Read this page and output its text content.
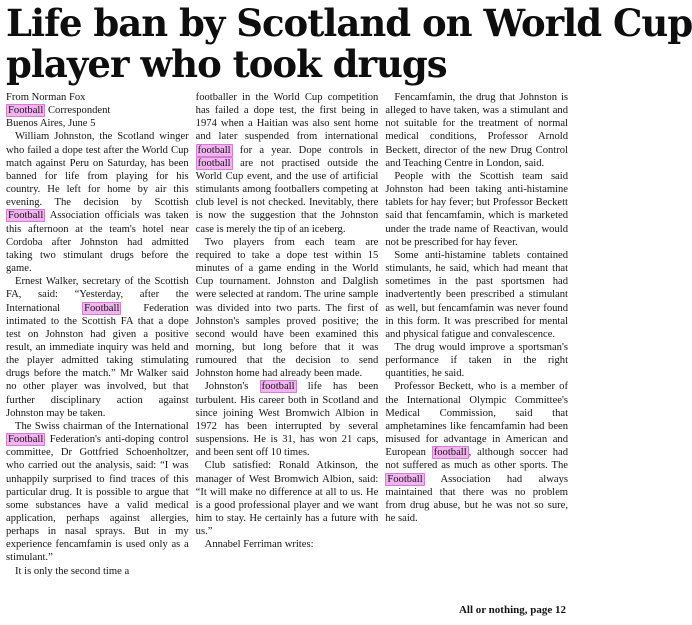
Life ban by Scotland on World Cup
player who took drugs

From Norman Fox
Football Correspondent
Buenos Aires, June 5

William Johnston, the Scotland winger who failed a dope test after the World Cup match against Peru on Saturday, has been banned for life from playing for his country. He left for home by air this evening. The decision by Scottish Football Association officials was taken this afternoon at the team's hotel near Cordoba after Johnston had admitted taking two stimulant drugs before the game.

Ernest Walker, secretary of the Scottish FA, said: “Yesterday, after the International Football Federation intimated to the Scottish FA that a dope test on Johnston had given a positive result, an immediate inquiry was held and the player admitted taking stimulating drugs before the match.” Mr Walker said no other player was involved, but that further disciplinary action against Johnston may be taken.

The Swiss chairman of the International Football Federation's anti-doping control committee, Dr Gottfried Schoenholtzer, who carried out the analysis, said: “I was unhappily surprised to find traces of this particular drug. It is possible to argue that some substances have a valid medical application, perhaps against allergies, perhaps in nasal sprays. But in my experience fencamfamin is used only as a stimulant.”

It is only the second time a

footballer in the World Cup competition has failed a dope test, the first being in 1974 when a Haitian was also sent home and later suspended from international football for a year. Dope controls in football are not practised outside the World Cup event, and the use of artificial stimulants among footballers competing at club level is not checked. Inevitably, there is now the suggestion that the Johnston case is merely the tip of an iceberg.

Two players from each team are required to take a dope test within 15 minutes of a game ending in the World Cup tournament. Johnston and Dalglish were selected at random. The urine sample was divided into two parts. The first of Johnston's samples proved positive; the second would have been examined this morning, but long before that it was rumoured that the decision to send Johnston home had already been made.

Johnston's football life has been turbulent. His career both in Scotland and since joining West Bromwich Albion in 1972 has been interrupted by several suspensions. He is 31, has won 21 caps, and been sent off 10 times.

Club satisfied: Ronald Atkinson, the manager of West Bromwich Albion, said: “It will make no difference at all to us. He is a good professional player and we want him to stay. He certainly has a future with us.”

Annabel Ferriman writes:

Fencamfamin, the drug that Johnston is alleged to have taken, was a stimulant and not suitable for the treatment of normal medical conditions, Professor Arnold Beckett, director of the new Drug Control and Teaching Centre in London, said.

People with the Scottish team said Johnston had been taking anti-histamine tablets for hay fever; but Professor Beckett said that fencamfamin, which is marketed under the trade name of Reactivan, would not be prescribed for hay fever.

Some anti-histamine tablets contained stimulants, he said, which had meant that sometimes in the past sportsmen had inadvertently been prescribed a stimulant as well, but fencamfamin was never found in this form. It was prescribed for mental and physical fatigue and convalescence.

The drug would improve a sportsman's performance if taken in the right quantities, he said.

Professor Beckett, who is a member of the International Olympic Committee's Medical Commission, said that amphetamines like fencamfamin had been misused for advantage in American and European football , although soccer had not suffered as much as other sports. The Football Association had always maintained that there was no problem from drug abuse, but he was not so sure, he said.

All or nothing, page 12
